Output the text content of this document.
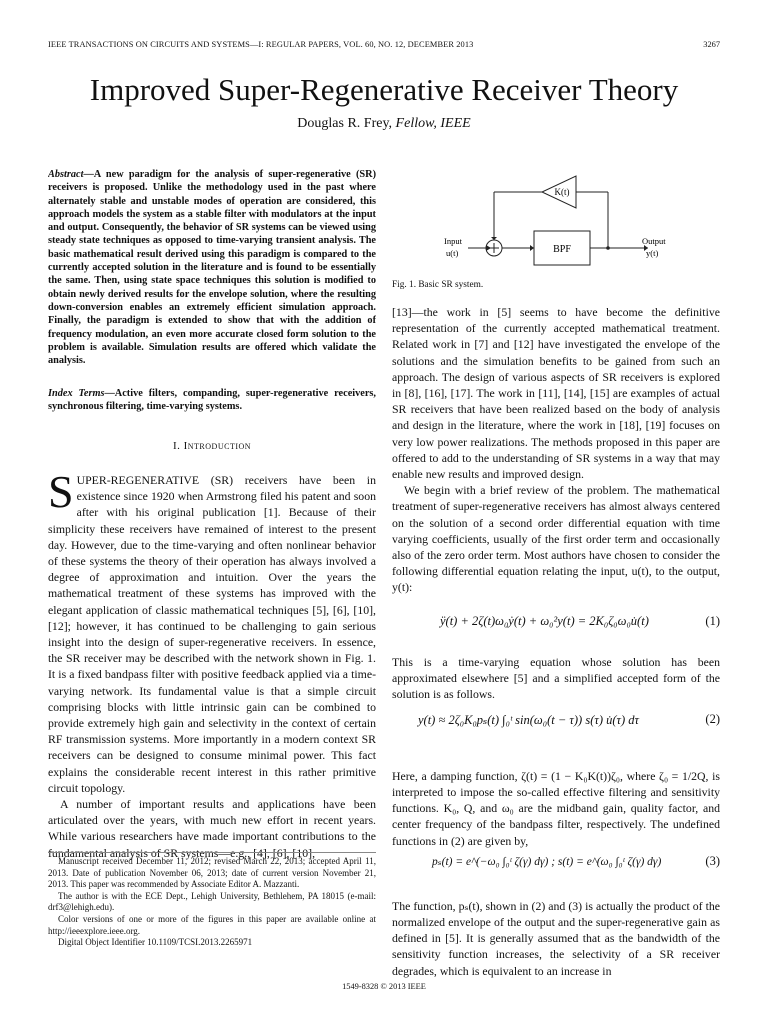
IEEE TRANSACTIONS ON CIRCUITS AND SYSTEMS—I: REGULAR PAPERS, VOL. 60, NO. 12, DECEMBER 2013	3267
Improved Super-Regenerative Receiver Theory
Douglas R. Frey, Fellow, IEEE
Abstract—A new paradigm for the analysis of super-regenerative (SR) receivers is proposed. Unlike the methodology used in the past where alternately stable and unstable modes of operation are considered, this approach models the system as a stable filter with modulators at the input and output. Consequently, the behavior of SR systems can be viewed using steady state techniques as opposed to time-varying transient analysis. The basic mathematical result derived using this paradigm is compared to the currently accepted solution in the literature and is found to be essentially the same. Then, using state space techniques this solution is modified to obtain newly derived results for the envelope solution, where the resulting down-conversion enables an extremely efficient simulation approach. Finally, the paradigm is extended to show that with the addition of frequency modulation, an even more accurate closed form solution to the problem is available. Simulation results are offered which validate the analysis.
Index Terms—Active filters, companding, super-regenerative receivers, synchronous filtering, time-varying systems.
I. Introduction

SUPER-REGENERATIVE (SR) receivers have been in existence since 1920 when Armstrong filed his patent and soon after with his original publication [1]. Because of their simplicity these receivers have remained of interest to the present day. However, due to the time-varying and often nonlinear behavior of these systems the theory of their operation has always involved a degree of approximation and intuition. Over the years the mathematical treatment of these systems has improved with the elegant application of classic mathematical techniques [5], [6], [10], [12]; however, it has continued to be challenging to gain serious insight into the design of super-regenerative receivers. In essence, the SR receiver may be described with the network shown in Fig. 1. It is a fixed bandpass filter with positive feedback applied via a time-varying network. Its fundamental value is that a simple circuit comprising blocks with little intrinsic gain can be combined to provide extremely high gain and selectivity in the context of certain RF transmission systems. More importantly in a modern context SR receivers can be designed to consume minimal power. This fact explains the considerable recent interest in this rather primitive circuit topology.

A number of important results and applications have been articulated over the years, with much new effort in recent years. While various researchers have made important contributions to the fundamental analysis of SR systems—e.g., [4], [6], [10],

Manuscript received December 11, 2012; revised March 22, 2013; accepted April 11, 2013. Date of publication November 06, 2013; date of current version November 21, 2013. This paper was recommended by Associate Editor A. Mazzanti.

The author is with the ECE Dept., Lehigh University, Bethlehem, PA 18015 (e-mail: drf3@lehigh.edu).

Color versions of one or more of the figures in this paper are available online at http://ieeexplore.ieee.org.

Digital Object Identifier 10.1109/TCSI.2013.2265971

K(t)
BPF
Input
u(t)
Output
y(t)
Fig. 1. Basic SR system.

[13]—the work in [5] seems to have become the definitive representation of the currently accepted mathematical treatment. Related work in [7] and [12] have investigated the envelope of the solutions and the simulation benefits to be gained from such an approach. The design of various aspects of SR receivers is explored in [8], [16], [17]. The work in [11], [14], [15] are examples of actual SR receivers that have been realized based on the body of analysis and design in the literature, where the work in [18], [19] focuses on very low power realizations. The methods proposed in this paper are offered to add to the understanding of SR systems in a way that may enable new results and improved design.

We begin with a brief review of the problem. The mathematical treatment of super-regenerative receivers has almost always centered on the solution of a second order differential equation with time varying coefficients, usually of the first order term and occasionally also of the zero order term. Most authors have chosen to consider the following differential equation relating the input, u(t), to the output, y(t):

ÿ(t) + 2ζ(t)ω₀ẏ(t) + ω₀²y(t) = 2K₀ζ₀ω₀u̇(t)	(1)

This is a time-varying equation whose solution has been approximated elsewhere [5] and a simplified accepted form of the solution is as follows.

y(t) ≈ 2ζ₀K₀pₛ(t) ∫₀ᵗ sin(ω₀(t − τ)) s(τ) u̇(τ) dτ	(2)

Here, a damping function, ζ(t) = (1 − K₀K(t))ζ₀, where ζ₀ = 1/2Q, is interpreted to impose the so-called effective filtering and sensitivity functions. K₀, Q, and ω₀ are the midband gain, quality factor, and center frequency of the bandpass filter, respectively. The undefined functions in (2) are given by,

pₛ(t) = e^(−ω₀ ∫₀ᵗ ζ(γ) dγ) ; s(t) = e^(ω₀ ∫₀ᵗ ζ(γ) dγ)	(3)

The function, pₛ(t), shown in (2) and (3) is actually the product of the normalized envelope of the output and the super-regenerative gain as defined in [5]. It is generally assumed that as the bandwidth of the sensitivity function increases, the selectivity of a SR receiver degrades, which is equivalent to an increase in

1549-8328 © 2013 IEEE
